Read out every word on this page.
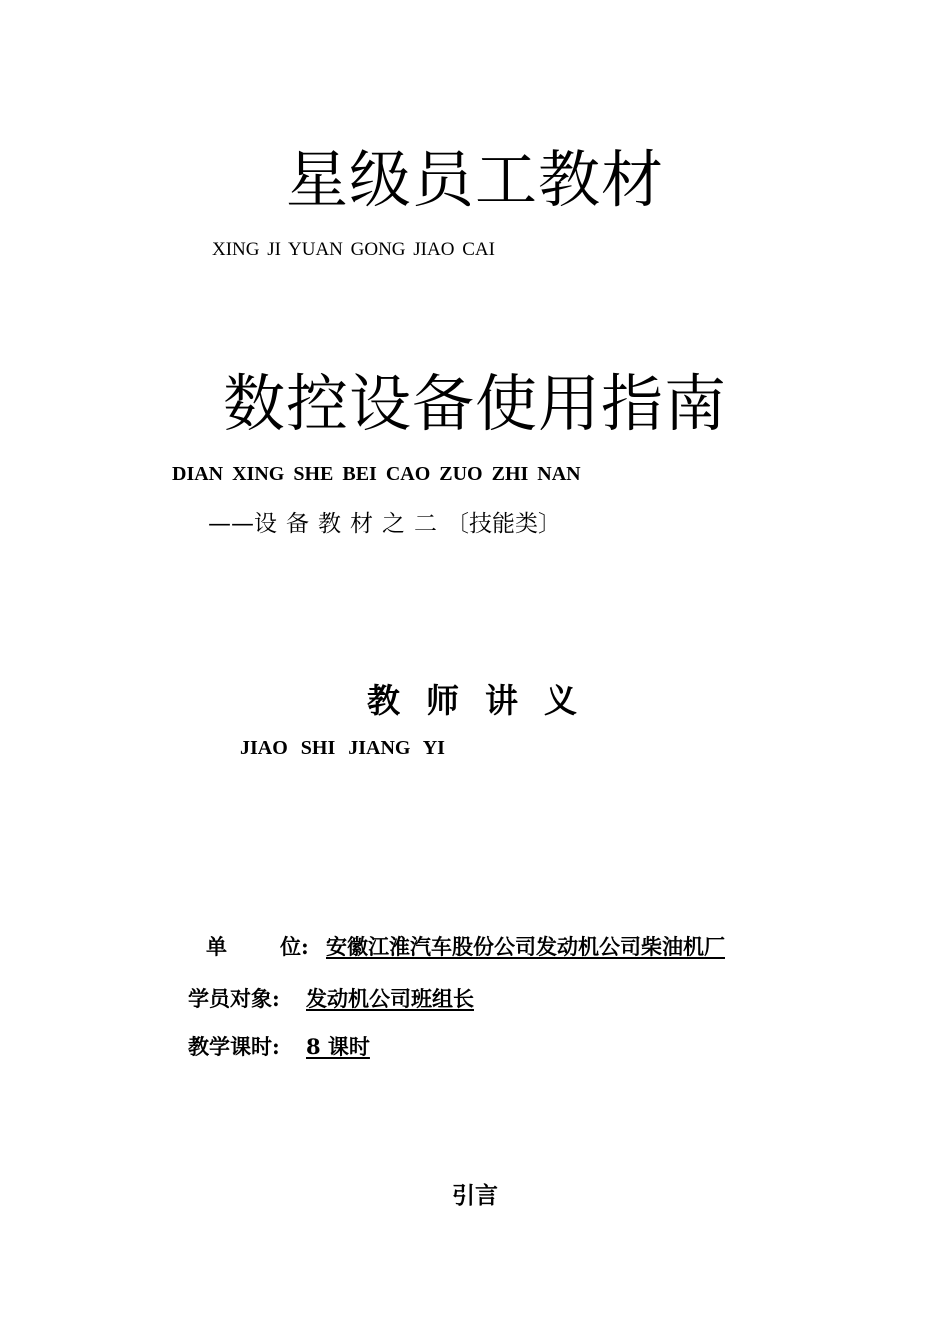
星级员工教材
XING JI YUAN GONG JIAO CAI
数控设备使用指南
DIAN XING SHE BEI CAO ZUO ZHI NAN
——设备教材之二〔技能类〕
教师讲义
JIAO SHI JIANG YI
单	位: 安徽江淮汽车股份公司发动机公司柴油机厂
学员对象: 发动机公司班组长
教学课时: 8 课时
引言
